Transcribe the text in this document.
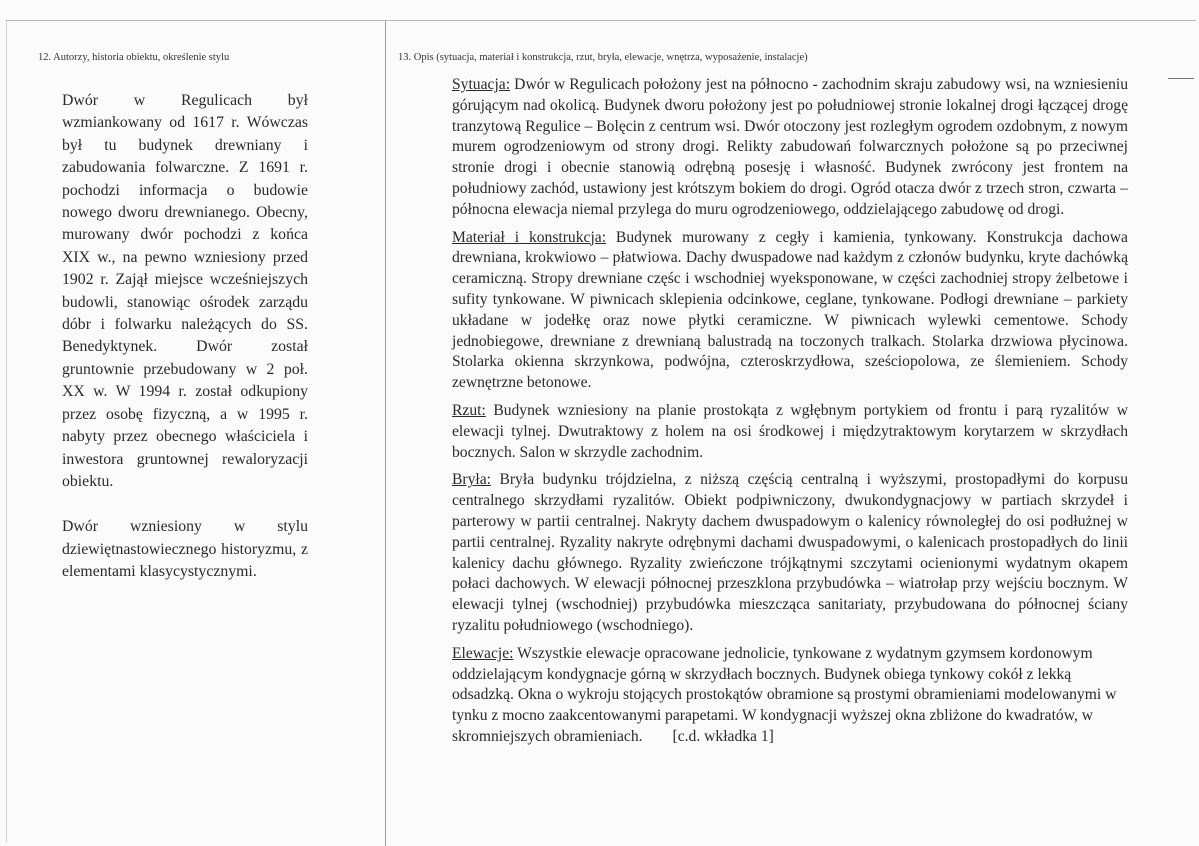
12. Autorzy, historia obiektu, określenie stylu	13. Opis (sytuacja, materiał i konstrukcja, rzut, bryła, elewacje, wnętrza, wyposażenie, instalacje)

Dwór w Regulicach był wzmiankowany od 1617 r. Wówczas był tu budynek drewniany i zabudowania folwarczne. Z 1691 r. pochodzi informacja o budowie nowego dworu drewnianego. Obecny, murowany dwór pochodzi z końca XIX w., na pewno wzniesiony przed 1902 r. Zajął miejsce wcześniejszych budowli, stanowiąc ośrodek zarządu dóbr i folwarku należących do SS. Benedyktynek. Dwór został gruntownie przebudowany w 2 poł. XX w. W 1994 r. został odkupiony przez osobę fizyczną, a w 1995 r. nabyty przez obecnego właściciela i inwestora gruntownej rewaloryzacji obiektu.

Dwór wzniesiony w stylu dziewiętnastowiecznego historyzmu, z elementami klasycystycznymi.

Sytuacja: Dwór w Regulicach położony jest na północno - zachodnim skraju zabudowy wsi, na wzniesieniu górującym nad okolicą. Budynek dworu położony jest po południowej stronie lokalnej drogi łączącej drogę tranzytową Regulice – Bolęcin z centrum wsi. Dwór otoczony jest rozległym ogrodem ozdobnym, z nowym murem ogrodzeniowym od strony drogi. Relikty zabudowań folwarcznych położone są po przeciwnej stronie drogi i obecnie stanowią odrębną posesję i własność. Budynek zwrócony jest frontem na południowy zachód, ustawiony jest krótszym bokiem do drogi. Ogród otacza dwór z trzech stron, czwarta – północna elewacja niemal przylega do muru ogrodzeniowego, oddzielającego zabudowę od drogi.

Materiał i konstrukcja: Budynek murowany z cegły i kamienia, tynkowany. Konstrukcja dachowa drewniana, krokwiowo – płatwiowa. Dachy dwuspadowe nad każdym z członów budynku, kryte dachówką ceramiczną. Stropy drewniane częśc i wschodniej wyeksponowane, w części zachodniej stropy żelbetowe i sufity tynkowane. W piwnicach sklepienia odcinkowe, ceglane, tynkowane. Podłogi drewniane – parkiety układane w jodełkę oraz nowe płytki ceramiczne. W piwnicach wylewki cementowe. Schody jednobiegowe, drewniane z drewnianą balustradą na toczonych tralkach. Stolarka drzwiowa płycinowa. Stolarka okienna skrzynkowa, podwójna, czteroskrzydłowa, sześciopolowa, ze ślemieniem. Schody zewnętrzne betonowe.

Rzut: Budynek wzniesiony na planie prostokąta z wgłębnym portykiem od frontu i parą ryzalitów w elewacji tylnej. Dwutraktowy z holem na osi środkowej i międzytraktowym korytarzem w skrzydłach bocznych. Salon w skrzydle zachodnim.

Bryła: Bryła budynku trójdzielna, z niższą częścią centralną i wyższymi, prostopadłymi do korpusu centralnego skrzydłami ryzalitów. Obiekt podpiwniczony, dwukondygnacjowy w partiach skrzydeł i parterowy w partii centralnej. Nakryty dachem dwuspadowym o kalenicy równoległej do osi podłużnej w partii centralnej. Ryzality nakryte odrębnymi dachami dwuspadowymi, o kalenicach prostopadłych do linii kalenicy dachu głównego. Ryzality zwieńczone trójkątnymi szczytami ocienionymi wydatnym okapem połaci dachowych. W elewacji północnej przeszklona przybudówka – wiatrołap przy wejściu bocznym. W elewacji tylnej (wschodniej) przybudówka mieszcząca sanitariaty, przybudowana do północnej ściany ryzalitu południowego (wschodniego).

Elewacje: Wszystkie elewacje opracowane jednolicie, tynkowane z wydatnym gzymsem kordonowym oddzielającym kondygnacje górną w skrzydłach bocznych. Budynek obiega tynkowy cokół z lekką odsadzką. Okna o wykroju stojących prostokątów obramione są prostymi obramieniami modelowanymi w tynku z mocno zaakcentowanymi parapetami. W kondygnacji wyższej okna zbliżone do kwadratów, w skromniejszych obramieniach. [c.d. wkładka 1]
